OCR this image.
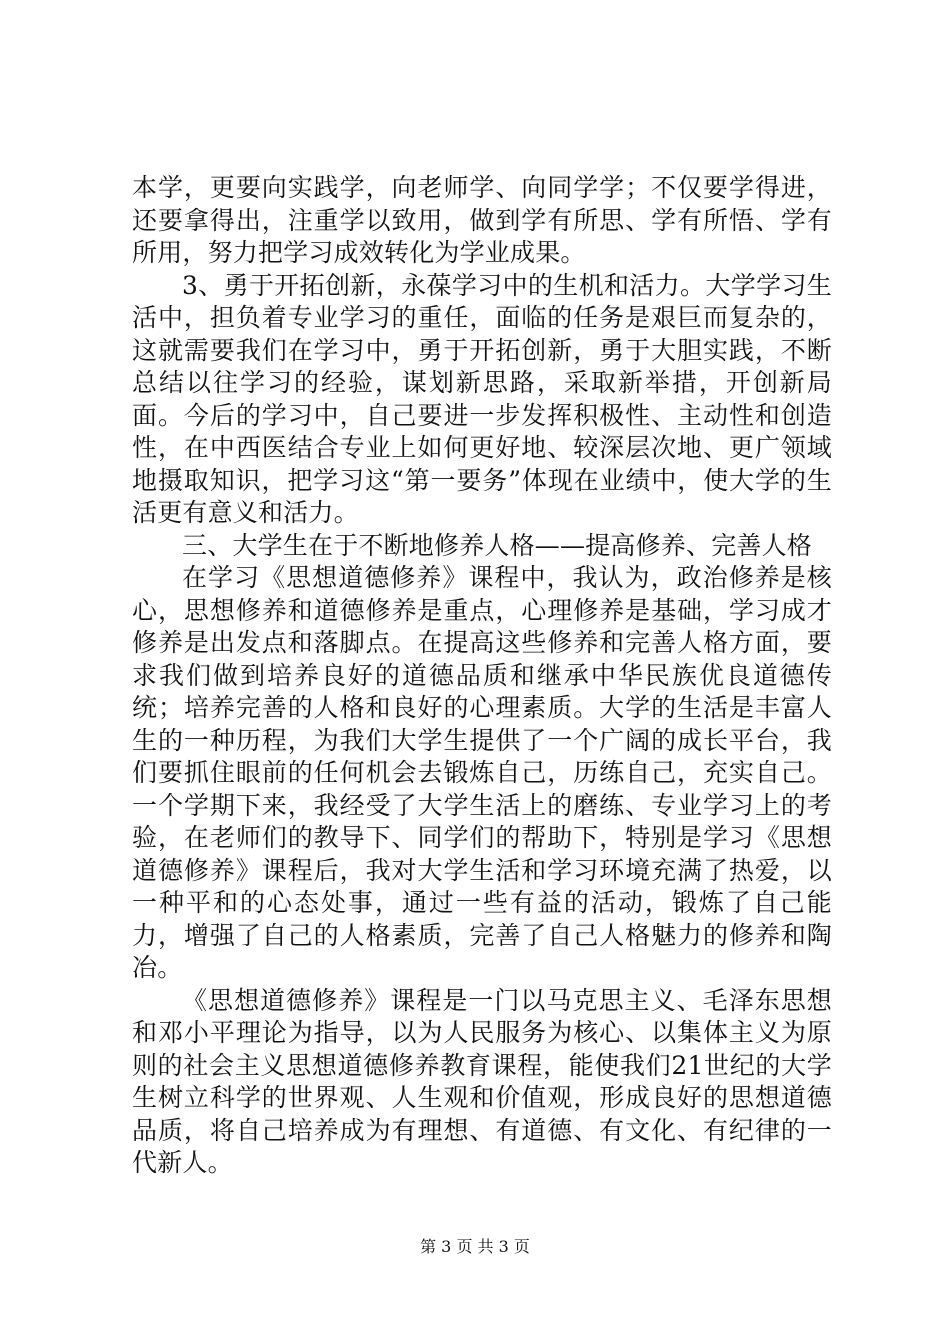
本学，更要向实践学，向老师学、向同学学；不仅要学得进，还要拿得出，注重学以致用，做到学有所思、学有所悟、学有所用，努力把学习成效转化为学业成果。

3、勇于开拓创新，永葆学习中的生机和活力。大学学习生活中，担负着专业学习的重任，面临的任务是艰巨而复杂的，这就需要我们在学习中，勇于开拓创新，勇于大胆实践，不断总结以往学习的经验，谋划新思路，采取新举措，开创新局面。今后的学习中，自己要进一步发挥积极性、主动性和创造性，在中西医结合专业上如何更好地、较深层次地、更广领域地摄取知识，把学习这“第一要务”体现在业绩中，使大学的生活更有意义和活力。

三、大学生在于不断地修养人格——提高修养、完善人格

在学习《思想道德修养》课程中，我认为，政治修养是核心，思想修养和道德修养是重点，心理修养是基础，学习成才修养是出发点和落脚点。在提高这些修养和完善人格方面，要求我们做到培养良好的道德品质和继承中华民族优良道德传统；培养完善的人格和良好的心理素质。大学的生活是丰富人生的一种历程，为我们大学生提供了一个广阔的成长平台，我们要抓住眼前的任何机会去锻炼自己，历练自己，充实自己。一个学期下来，我经受了大学生活上的磨练、专业学习上的考验，在老师们的教导下、同学们的帮助下，特别是学习《思想道德修养》课程后，我对大学生活和学习环境充满了热爱，以一种平和的心态处事，通过一些有益的活动，锻炼了自己能力，增强了自己的人格素质，完善了自己人格魅力的修养和陶冶。

《思想道德修养》课程是一门以马克思主义、毛泽东思想和邓小平理论为指导，以为人民服务为核心、以集体主义为原则的社会主义思想道德修养教育课程，能使我们21世纪的大学生树立科学的世界观、人生观和价值观，形成良好的思想道德品质，将自己培养成为有理想、有道德、有文化、有纪律的一代新人。

第 3 页 共 3 页
